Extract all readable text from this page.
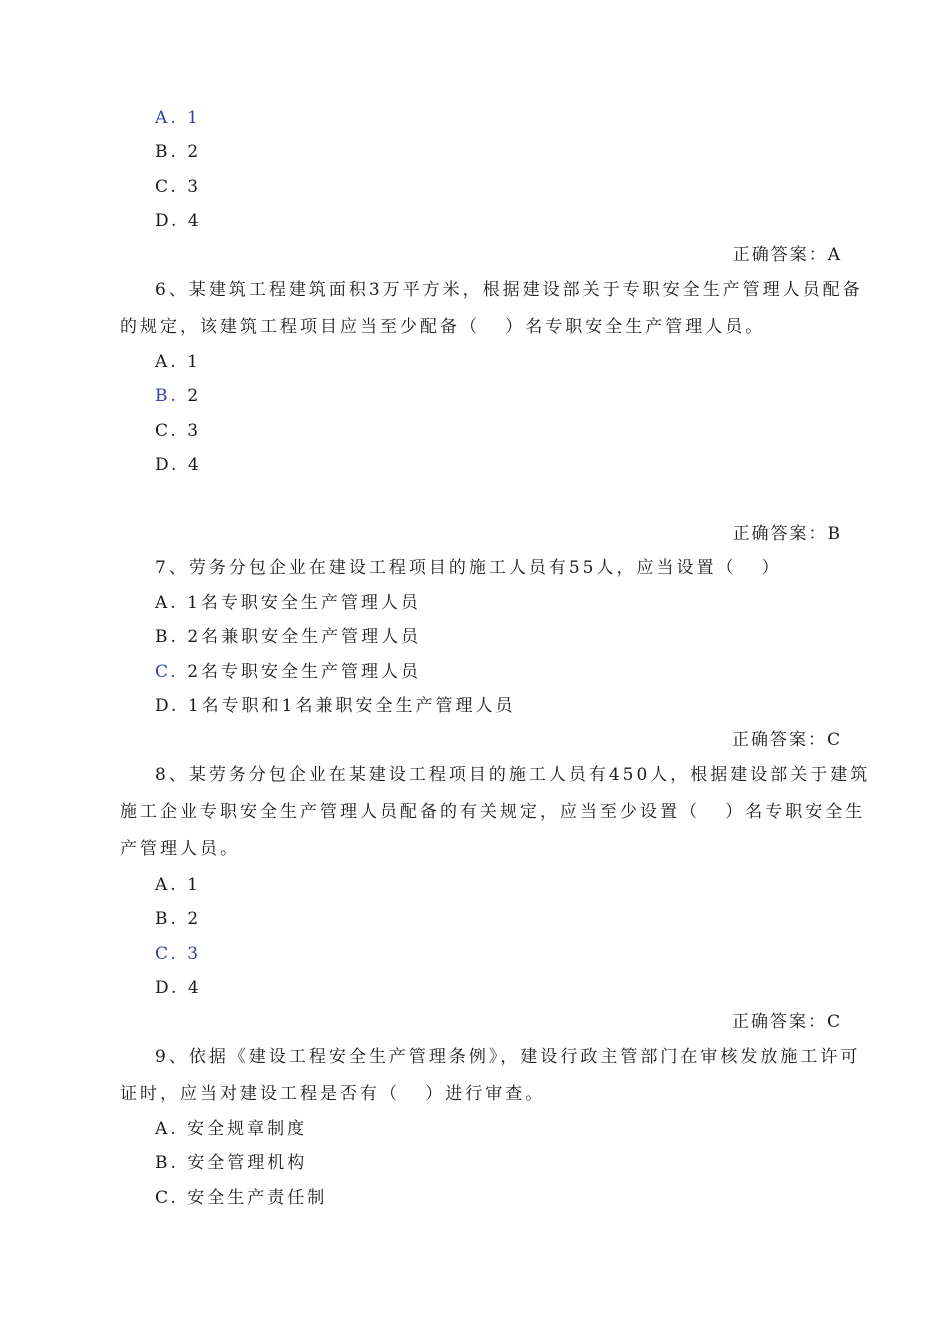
A. 1
B. 2
C. 3
D. 4
正确答案：A
6、某建筑工程建筑面积3万平方米，根据建设部关于专职安全生产管理人员配备
的规定，该建筑工程项目应当至少配备（   ）名专职安全生产管理人员。
A. 1
B. 2
C. 3
D. 4
正确答案：B
7、劳务分包企业在建设工程项目的施工人员有55人，应当设置（   ）
A. 1名专职安全生产管理人员
B. 2名兼职安全生产管理人员
C. 2名专职安全生产管理人员
D. 1名专职和1名兼职安全生产管理人员
正确答案：C
8、某劳务分包企业在某建设工程项目的施工人员有450人，根据建设部关于建筑
施工企业专职安全生产管理人员配备的有关规定，应当至少设置（   ）名专职安全生
产管理人员。
A. 1
B. 2
C. 3
D. 4
正确答案：C
9、依据《建设工程安全生产管理条例》，建设行政主管部门在审核发放施工许可
证时，应当对建设工程是否有（   ）进行审查。
A. 安全规章制度
B. 安全管理机构
C. 安全生产责任制
